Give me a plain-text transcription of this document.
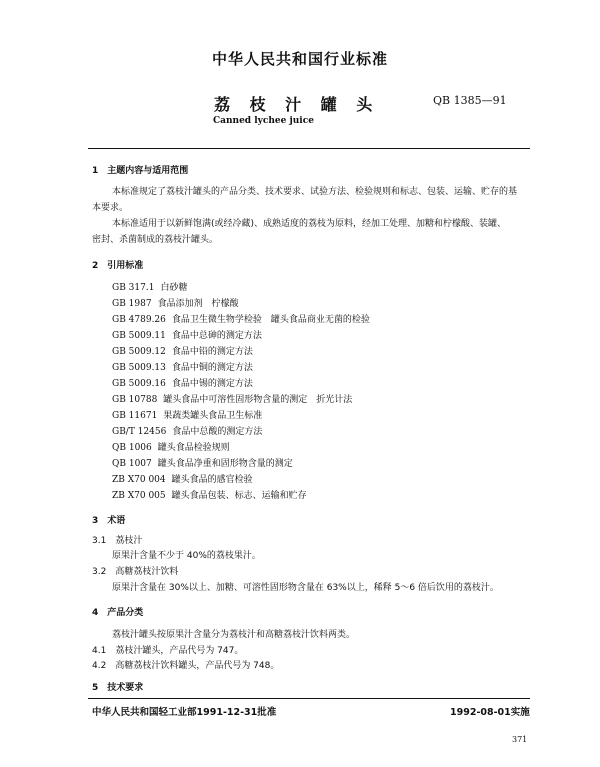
中华人民共和国行业标准
荔 枝 汁 罐 头	QB 1385—91
Canned lychee juice
1　主题内容与适用范围
本标准规定了荔枝汁罐头的产品分类、技术要求、试验方法、检验规则和标志、包装、运输、贮存的基
本要求。
本标准适用于以新鲜饱满(或经冷藏)、成熟适度的荔枝为原料，经加工处理、加糖和柠檬酸、装罐、
密封、杀菌制成的荔枝汁罐头。
2　引用标准
GB 317.1 白砂糖
GB 1987 食品添加剂　柠檬酸
GB 4789.26 食品卫生微生物学检验　罐头食品商业无菌的检验
GB 5009.11 食品中总砷的测定方法
GB 5009.12 食品中铅的测定方法
GB 5009.13 食品中铜的测定方法
GB 5009.16 食品中锡的测定方法
GB 10788 罐头食品中可溶性固形物含量的测定　折光计法
GB 11671 果蔬类罐头食品卫生标准
GB/T 12456 食品中总酸的测定方法
QB 1006 罐头食品检验规则
QB 1007 罐头食品净重和固形物含量的测定
ZB X70 004 罐头食品的感官检验
ZB X70 005 罐头食品包装、标志、运输和贮存
3　术语
3.1　荔枝汁
原果汁含量不少于 40%的荔枝果汁。
3.2　高糖荔枝汁饮料
原果汁含量在 30%以上、加糖、可溶性固形物含量在 63%以上，稀释 5～6 倍后饮用的荔枝汁。
4　产品分类
荔枝汁罐头按原果汁含量分为荔枝汁和高糖荔枝汁饮料两类。
4.1　荔枝汁罐头，产品代号为 747。
4.2　高糖荔枝汁饮料罐头，产品代号为 748。
5　技术要求
中华人民共和国轻工业部1991-12-31批准	1992-08-01实施
371
